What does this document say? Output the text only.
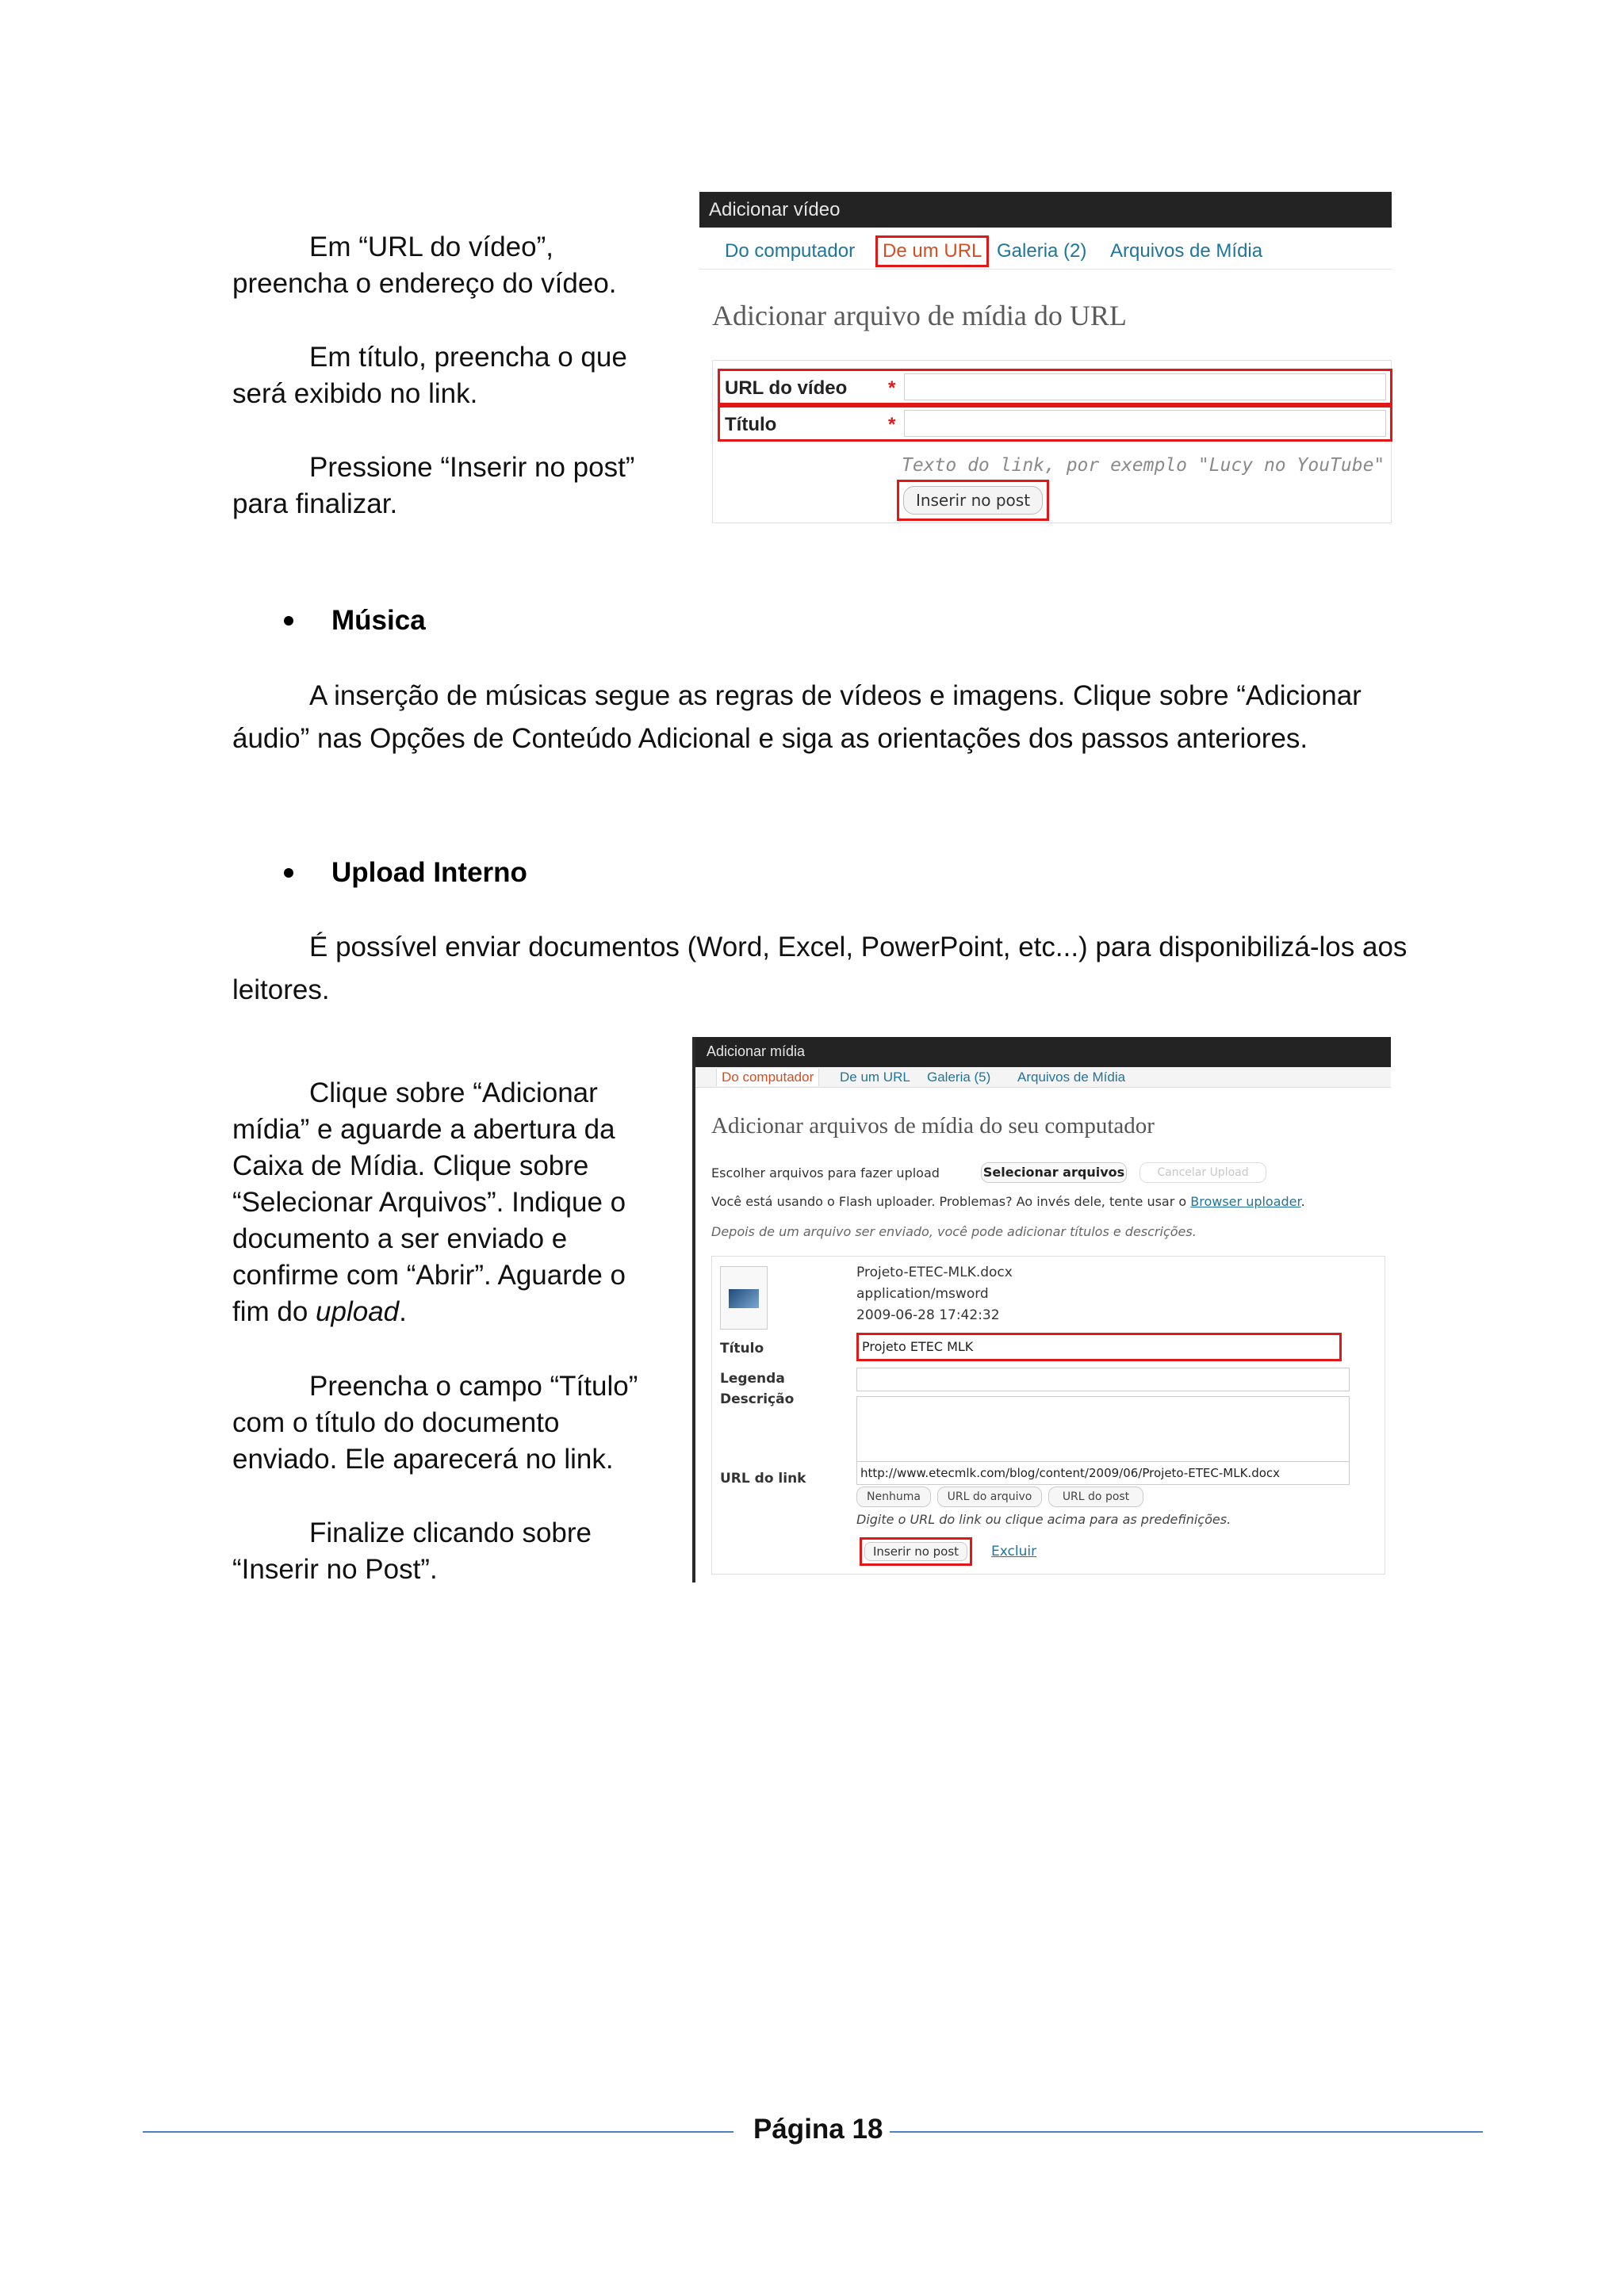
Em “URL do vídeo”,
preencha o endereço do vídeo.
Em título, preencha o que
será exibido no link.
Pressione “Inserir no post”
para finalizar.
Adicionar vídeo
Do computador	De um URL Galeria (2) Arquivos de Mídia
Adicionar arquivo de mídia do URL
URL do vídeo *
Título	*
Texto do link, por exemplo "Lucy no YouTube"
Inserir no post
Música
A inserção de músicas segue as regras de vídeos e imagens. Clique sobre “Adicionar
áudio” nas Opções de Conteúdo Adicional e siga as orientações dos passos anteriores.
Upload Interno
É possível enviar documentos (Word, Excel, PowerPoint, etc...) para disponibilizá-los aos
leitores.
Clique sobre “Adicionar
mídia” e aguarde a abertura da
Caixa de Mídia. Clique sobre
“Selecionar Arquivos”. Indique o
documento a ser enviado e
confirme com “Abrir”. Aguarde o
fim do upload.
Preencha o campo “Título”
com o título do documento
enviado. Ele aparecerá no link.
Finalize clicando sobre
“Inserir no Post”.
Adicionar mídia
Do computador	De um URL	Galeria (5)	Arquivos de Mídia
Adicionar arquivos de mídia do seu computador
Escolher arquivos para fazer upload	Selecionar arquivos	Cancelar Upload
Você está usando o Flash uploader. Problemas? Ao invés dele, tente usar o Browser uploader.
Depois de um arquivo ser enviado, você pode adicionar títulos e descrições.
Projeto-ETEC-MLK.docx
application/msword
2009-06-28 17:42:32
Título	Projeto ETEC MLK
Legenda
Descrição
URL do link	http://www.etecmlk.com/blog/content/2009/06/Projeto-ETEC-MLK.docx
Nenhuma	URL do arquivo	URL do post
Digite o URL do link ou clique acima para as predefinições.
Inserir no post	Excluir
Página 18
